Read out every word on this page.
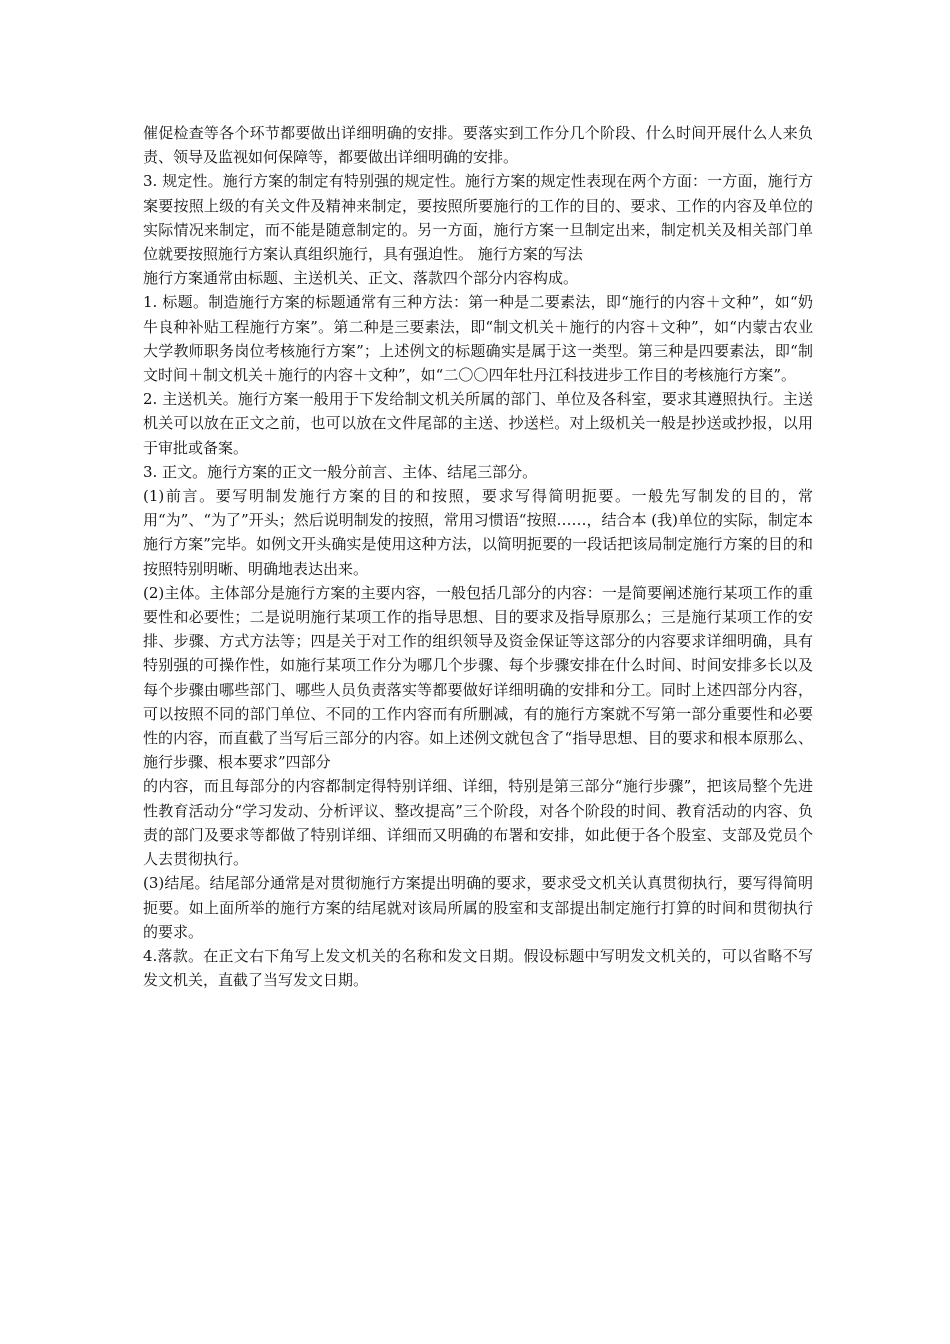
催促检查等各个环节都要做出详细明确的安排。要落实到工作分几个阶段、什么时间开展什么人来负责、领导及监视如何保障等，都要做出详细明确的安排。

3. 规定性。施行方案的制定有特别强的规定性。施行方案的规定性表现在两个方面：一方面，施行方案要按照上级的有关文件及精神来制定，要按照所要施行的工作的目的、要求、工作的内容及单位的实际情况来制定，而不能是随意制定的。另一方面，施行方案一旦制定出来，制定机关及相关部门单位就要按照施行方案认真组织施行，具有强迫性。 施行方案的写法

施行方案通常由标题、主送机关、正文、落款四个部分内容构成。

1. 标题。制造施行方案的标题通常有三种方法：第一种是二要素法，即“施行的内容＋文种”，如“奶牛良种补贴工程施行方案”。第二种是三要素法，即“制文机关＋施行的内容＋文种”，如“内蒙古农业大学教师职务岗位考核施行方案”；上述例文的标题确实是属于这一类型。第三种是四要素法，即“制文时间＋制文机关＋施行的内容＋文种”，如“二〇〇四年牡丹江科技进步工作目的考核施行方案”。

2. 主送机关。施行方案一般用于下发给制文机关所属的部门、单位及各科室，要求其遵照执行。主送机关可以放在正文之前，也可以放在文件尾部的主送、抄送栏。对上级机关一般是抄送或抄报，以用于审批或备案。

3. 正文。施行方案的正文一般分前言、主体、结尾三部分。

(1)前言。要写明制发施行方案的目的和按照，要求写得简明扼要。一般先写制发的目的，常用“为”、“为了”开头；然后说明制发的按照，常用习惯语“按照……，结合本 (我)单位的实际，制定本施行方案”完毕。如例文开头确实是使用这种方法，以简明扼要的一段话把该局制定施行方案的目的和按照特别明晰、明确地表达出来。

(2)主体。主体部分是施行方案的主要内容，一般包括几部分的内容：一是简要阐述施行某项工作的重要性和必要性；二是说明施行某项工作的指导思想、目的要求及指导原那么；三是施行某项工作的安排、步骤、方式方法等；四是关于对工作的组织领导及资金保证等这部分的内容要求详细明确，具有特别强的可操作性，如施行某项工作分为哪几个步骤、每个步骤安排在什么时间、时间安排多长以及每个步骤由哪些部门、哪些人员负责落实等都要做好详细明确的安排和分工。同时上述四部分内容，可以按照不同的部门单位、不同的工作内容而有所删减，有的施行方案就不写第一部分重要性和必要性的内容，而直截了当写后三部分的内容。如上述例文就包含了“指导思想、目的要求和根本原那么、施行步骤、根本要求”四部分

的内容，而且每部分的内容都制定得特别详细、详细，特别是第三部分“施行步骤”，把该局整个先进性教育活动分“学习发动、分析评议、整改提高”三个阶段，对各个阶段的时间、教育活动的内容、负责的部门及要求等都做了特别详细、详细而又明确的布署和安排，如此便于各个股室、支部及党员个人去贯彻执行。

(3)结尾。结尾部分通常是对贯彻施行方案提出明确的要求，要求受文机关认真贯彻执行，要写得简明扼要。如上面所举的施行方案的结尾就对该局所属的股室和支部提出制定施行打算的时间和贯彻执行的要求。

4.落款。在正文右下角写上发文机关的名称和发文日期。假设标题中写明发文机关的，可以省略不写发文机关，直截了当写发文日期。
